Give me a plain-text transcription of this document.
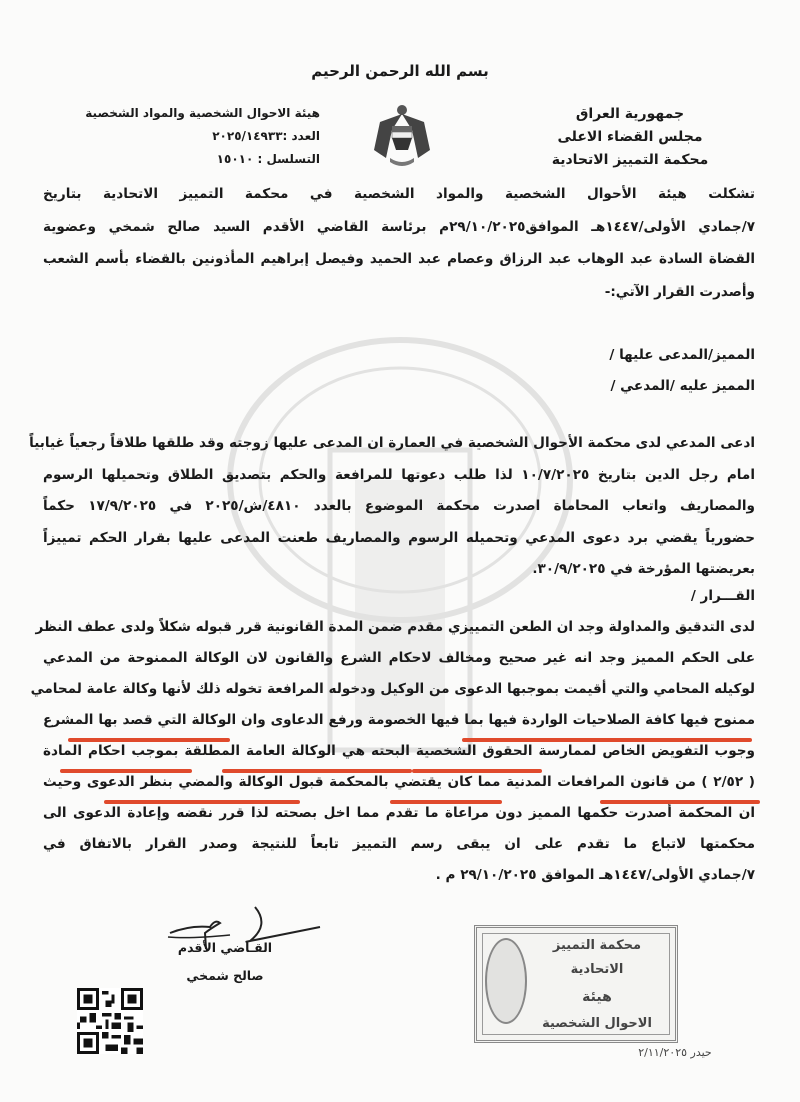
بسم الله الرحمن الرحيم
جمهورية العراق
مجلس القضاء الاعلى
محكمة التمييز الاتحادية
هيئة الاحوال الشخصية والمواد الشخصية
العدد :٢٠٢٥/١٤٩٣٣
التسلسل : ١٥٠١٠
تشكلت هيئة الأحوال الشخصية والمواد الشخصية في محكمة التمييز الاتحادية بتاريخ
٧/جمادي الأولى/١٤٤٧هـ الموافق٢٩/١٠/٢٠٢٥م برئاسة القاضي الأقدم السيد صالح شمخي وعضوية
القضاة السادة عبد الوهاب عبد الرزاق وعصام عبد الحميد وفيصل إبراهيم المأذونين بالقضاء بأسم الشعب
وأصدرت القرار الآتي:-
المميز/المدعى عليها /
المميز عليه /المدعي /
ادعى المدعي لدى محكمة الأحوال الشخصية في العمارة ان المدعى عليها زوجته وقد طلقها طلاقاً رجعياً غيابياً
امام رجل الدين بتاريخ ١٠/٧/٢٠٢٥ لذا طلب دعوتها للمرافعة والحكم بتصديق الطلاق وتحميلها الرسوم
والمصاريف واتعاب المحاماة اصدرت محكمة الموضوع بالعدد ٤٨١٠/ش/٢٠٢٥ في ١٧/٩/٢٠٢٥ حكماً
حضورياً يقضي برد دعوى المدعي وتحميله الرسوم والمصاريف طعنت المدعى عليها بقرار الحكم تمييزاً
بعريضتها المؤرخة في ٣٠/٩/٢٠٢٥.
القـــرار /
لدى التدقيق والمداولة وجد ان الطعن التمييزي مقدم ضمن المدة القانونية قرر قبوله شكلاً ولدى عطف النظر
على الحكم المميز وجد انه غير صحيح ومخالف لاحكام الشرع والقانون لان الوكالة الممنوحة من المدعي
لوكيله المحامي والتي أقيمت بموجبها الدعوى من الوكيل ودخوله المرافعة تخوله ذلك لأنها وكالة عامة لمحامي
ممنوح فيها كافة الصلاحيات الواردة فيها بما فيها الخصومة ورفع الدعاوى وان الوكالة التي قصد بها المشرع
وجوب التفويض الخاص لممارسة الحقوق الشخصية البحته هي الوكالة العامة المطلقة بموجب احكام المادة
( ٢/٥٢ ) من قانون المرافعات المدنية مما كان يقتضي بالمحكمة قبول الوكالة والمضي بنظر الدعوى وحيث
ان المحكمة أصدرت حكمها المميز دون مراعاة ما تقدم مما اخل بصحته لذا قرر نقضه وإعادة الدعوى الى
محكمتها لاتباع ما تقدم على ان يبقى رسم التمييز تابعاً للنتيجة وصدر القرار بالاتفاق في
٧/جمادي الأولى/١٤٤٧هـ الموافق ٢٩/١٠/٢٠٢٥ م .
القـاضي الأقدم
صالح شمخي
محكمة التمييز الاتحادية
هيئة
الاحوال الشخصية
حيدر ٢/١١/٢٠٢٥
